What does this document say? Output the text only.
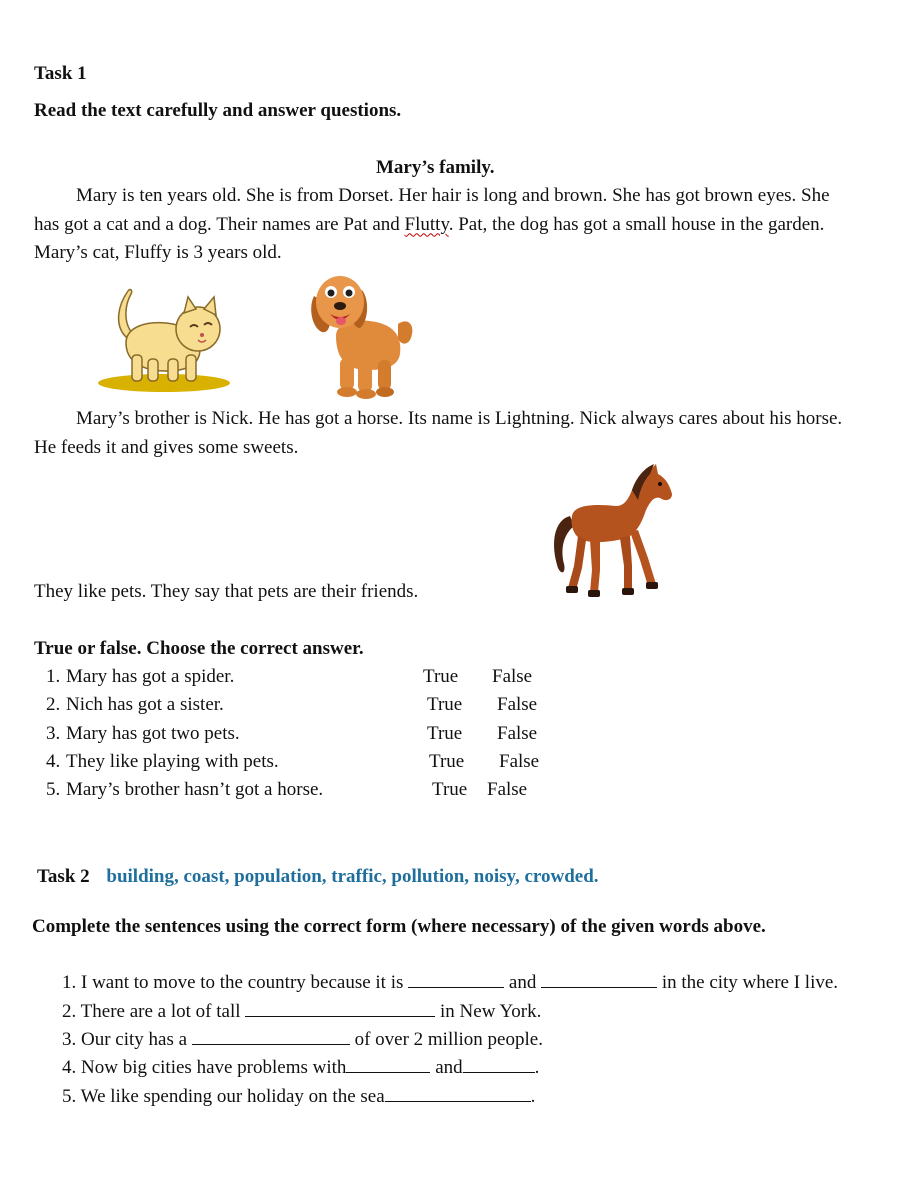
Task 1
Read the text carefully and answer questions.
Mary’s family.
Mary is ten years old. She is from Dorset. Her hair is long and brown. She has got brown eyes. She has got a cat and a dog. Their names are Pat and Flutty. Pat, the dog has got a small house in the garden. Mary’s cat, Fluffy is 3 years old.
Mary’s brother is Nick. He has got a horse. Its name is Lightning. Nick always cares about his horse. He feeds it and gives some sweets.
They like pets. They say that pets are their friends.
True or false. Choose the correct answer.
1. Mary has got a spider.	True False
2. Nich has got a sister.	True False
3. Mary has got two pets.	True False
4. They like playing with pets.	True False
5. Mary’s brother hasn’t got a horse.	True False
Task 2 building, coast, population, traffic, pollution, noisy, crowded.
Complete the sentences using the correct form (where necessary) of the given words above.
1. I want to move to the country because it is	and	in the city where I live.
2. There are a lot of tall	in New York.
3. Our city has a	of over 2 million people.
4. Now big cities have problems with	and	.
5. We like spending our holiday on the sea	.
